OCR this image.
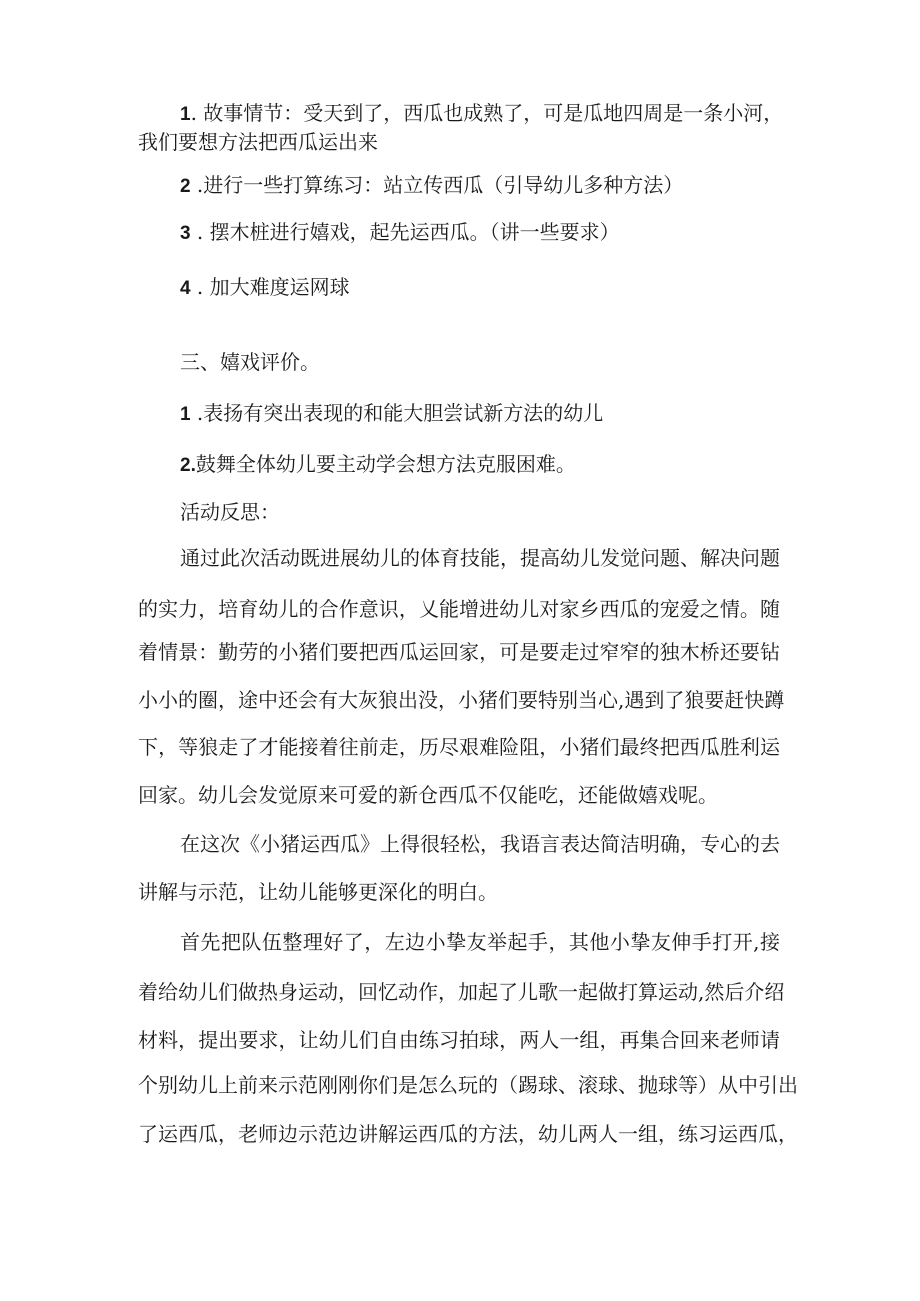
1. 故事情节：受天到了，西瓜也成熟了，可是瓜地四周是一条小河，
我们要想方法把西瓜运出来
2 .进行一些打算练习：站立传西瓜（引导幼儿多种方法）
3 . 摆木桩进行嬉戏，起先运西瓜。（讲一些要求）
4 . 加大难度运网球
三、嬉戏评价。
1 .表扬有突出表现的和能大胆尝试新方法的幼儿
2.鼓舞全体幼儿要主动学会想方法克服困难。
活动反思：
通过此次活动既进展幼儿的体育技能，提高幼儿发觉问题、解决问题
的实力，培育幼儿的合作意识，乂能增进幼儿对家乡西瓜的宠爱之情。随
着情景：勤劳的小猪们要把西瓜运回家，可是要走过窄窄的独木桥还要钻
小小的圈，途中还会有大灰狼出没，小猪们要特别当心,遇到了狼要赶快蹲
下，等狼走了才能接着往前走，历尽艰难险阻，小猪们最终把西瓜胜利运
回家。幼儿会发觉原来可爱的新仓西瓜不仅能吃，还能做嬉戏呢。
在这次《小猪运西瓜》上得很轻松，我语言表达简洁明确，专心的去
讲解与示范，让幼儿能够更深化的明白。
首先把队伍整理好了，左边小挚友举起手，其他小挚友伸手打开,接
着给幼儿们做热身运动，回忆动作，加起了儿歌一起做打算运动,然后介绍
材料，提出要求，让幼儿们自由练习拍球，两人一组，再集合回来老师请
个别幼儿上前来示范刚刚你们是怎么玩的（踢球、滚球、抛球等）从中引出
了运西瓜，老师边示范边讲解运西瓜的方法，幼儿两人一组，练习运西瓜，
